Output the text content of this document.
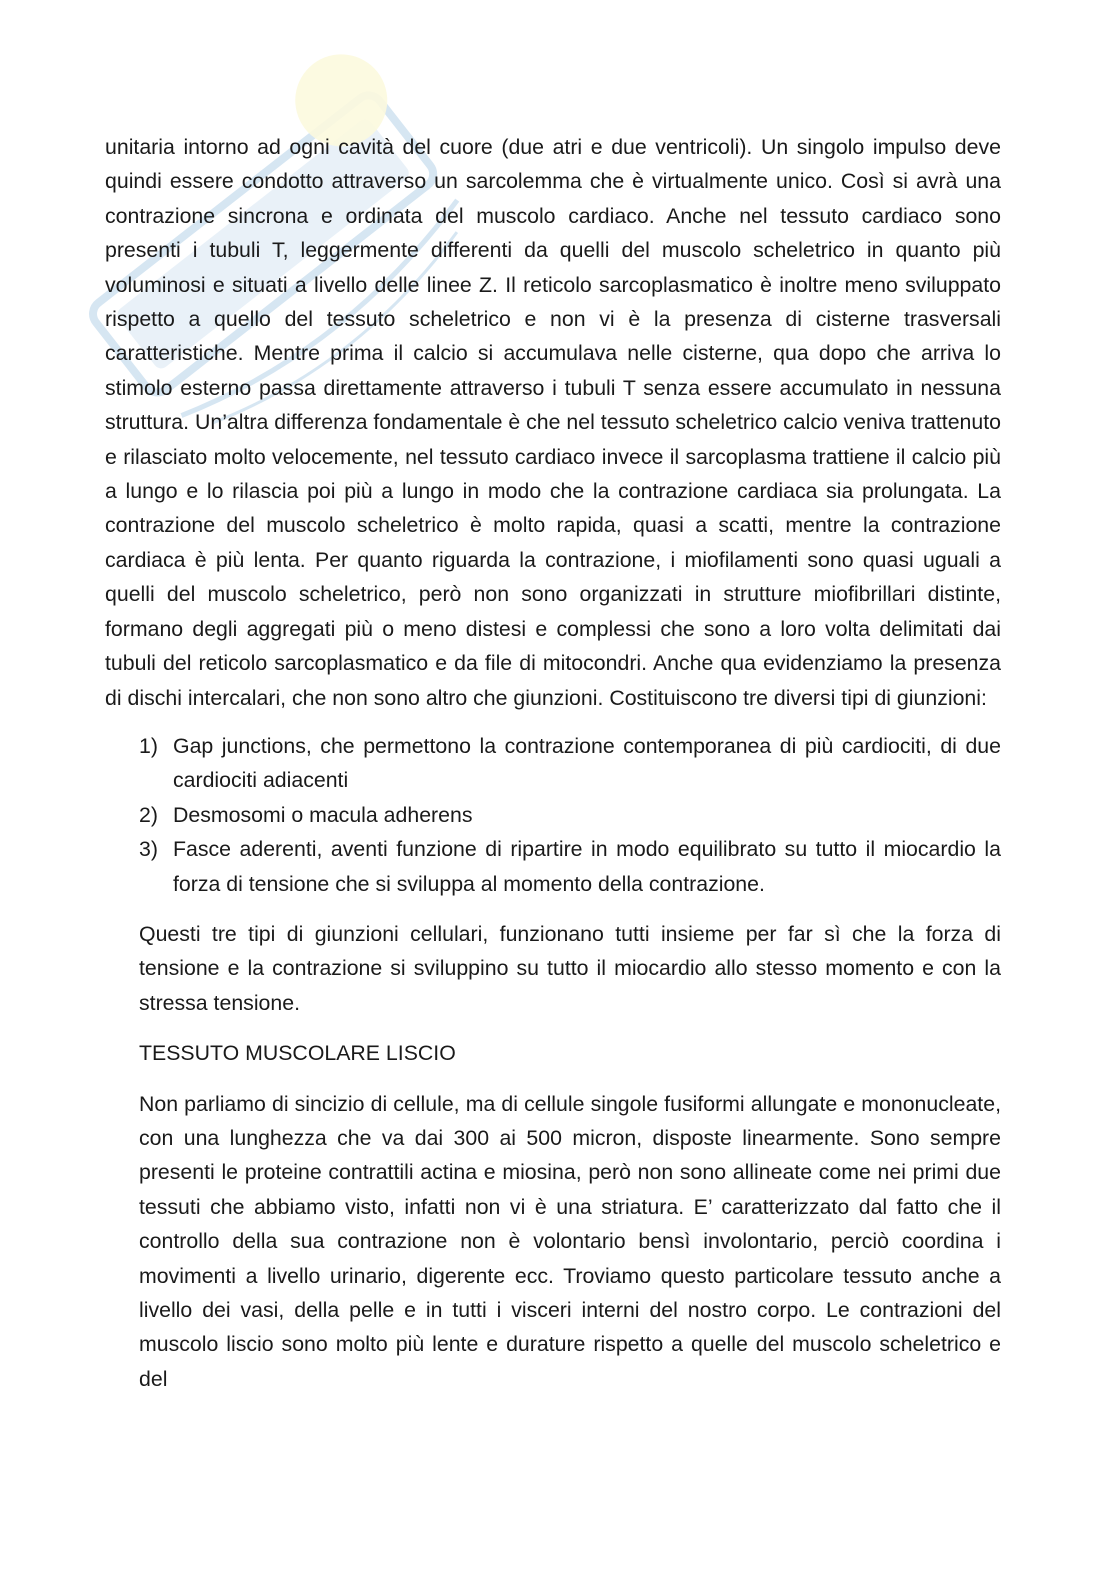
unitaria intorno ad ogni cavità del cuore (due atri e due ventricoli). Un singolo impulso deve quindi essere condotto attraverso un sarcolemma che è virtualmente unico. Così si avrà una contrazione sincrona e ordinata del muscolo cardiaco. Anche nel tessuto cardiaco sono presenti i tubuli T, leggermente differenti da quelli del muscolo scheletrico in quanto più voluminosi e situati a livello delle linee Z. Il reticolo sarcoplasmatico è inoltre meno sviluppato rispetto a quello del tessuto scheletrico e non vi è la presenza di cisterne trasversali caratteristiche. Mentre prima il calcio si accumulava nelle cisterne, qua dopo che arriva lo stimolo esterno passa direttamente attraverso i tubuli T senza essere accumulato in nessuna struttura. Un’altra differenza fondamentale è che nel tessuto scheletrico calcio veniva trattenuto e rilasciato molto velocemente, nel tessuto cardiaco invece il sarcoplasma trattiene il calcio più a lungo e lo rilascia poi più a lungo in modo che la contrazione cardiaca sia prolungata. La contrazione del muscolo scheletrico è molto rapida, quasi a scatti, mentre la contrazione cardiaca è più lenta. Per quanto riguarda la contrazione, i miofilamenti sono quasi uguali a quelli del muscolo scheletrico, però non sono organizzati in strutture miofibrillari distinte, formano degli aggregati più o meno distesi e complessi che sono a loro volta delimitati dai tubuli del reticolo sarcoplasmatico e da file di mitocondri. Anche qua evidenziamo la presenza di dischi intercalari, che non sono altro che giunzioni. Costituiscono tre diversi tipi di giunzioni:

1) Gap junctions, che permettono la contrazione contemporanea di più cardiociti, di due cardiociti adiacenti
2) Desmosomi o macula adherens
3) Fasce aderenti, aventi funzione di ripartire in modo equilibrato su tutto il miocardio la forza di tensione che si sviluppa al momento della contrazione.

Questi tre tipi di giunzioni cellulari, funzionano tutti insieme per far sì che la forza di tensione e la contrazione si sviluppino su tutto il miocardio allo stesso momento e con la stressa tensione.

TESSUTO MUSCOLARE LISCIO

Non parliamo di sincizio di cellule, ma di cellule singole fusiformi allungate e mononucleate, con una lunghezza che va dai 300 ai 500 micron, disposte linearmente. Sono sempre presenti le proteine contrattili actina e miosina, però non sono allineate come nei primi due tessuti che abbiamo visto, infatti non vi è una striatura. E’ caratterizzato dal fatto che il controllo della sua contrazione non è volontario bensì involontario, perciò coordina i movimenti a livello urinario, digerente ecc. Troviamo questo particolare tessuto anche a livello dei vasi, della pelle e in tutti i visceri interni del nostro corpo. Le contrazioni del muscolo liscio sono molto più lente e durature rispetto a quelle del muscolo scheletrico e del
